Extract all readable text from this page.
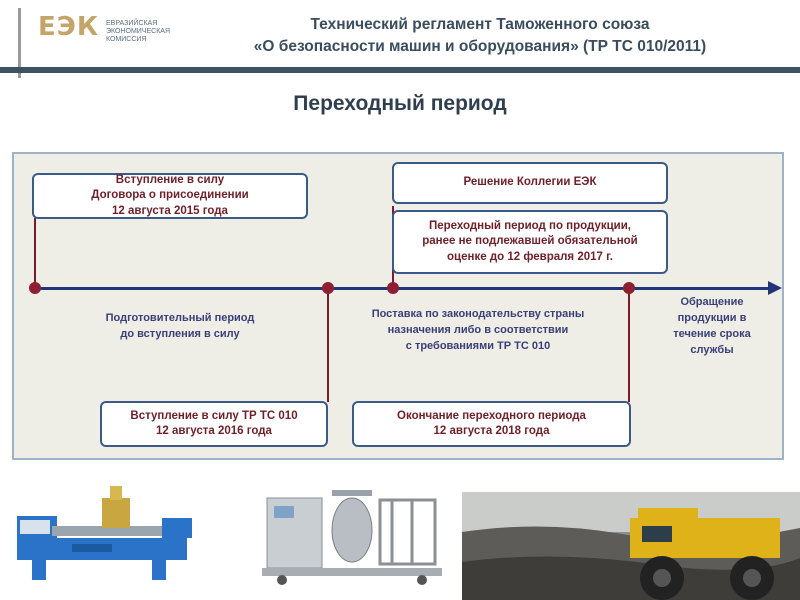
ЕЭК ЕВРАЗИЙСКАЯ
ЭКОНОМИЧЕСКАЯ
КОМИССИЯ
Технический регламент Таможенного союза
«О безопасности машин и оборудования» (ТР ТС 010/2011)
Переходный период
Вступление в силу
Договора о присоединении
12 августа 2015 года
Решение Коллегии ЕЭК
Переходный период по продукции,
ранее не подлежавшей обязательной
оценке до 12 февраля 2017 г.
Подготовительный период
до вступления в силу
Поставка по законодательству страны
назначения либо в соответствии
с требованиями ТР ТС 010
Обращение
продукции в
течение срока
службы
Вступление в силу ТР ТС 010
12 августа 2016 года
Окончание переходного периода
12 августа 2018 года
